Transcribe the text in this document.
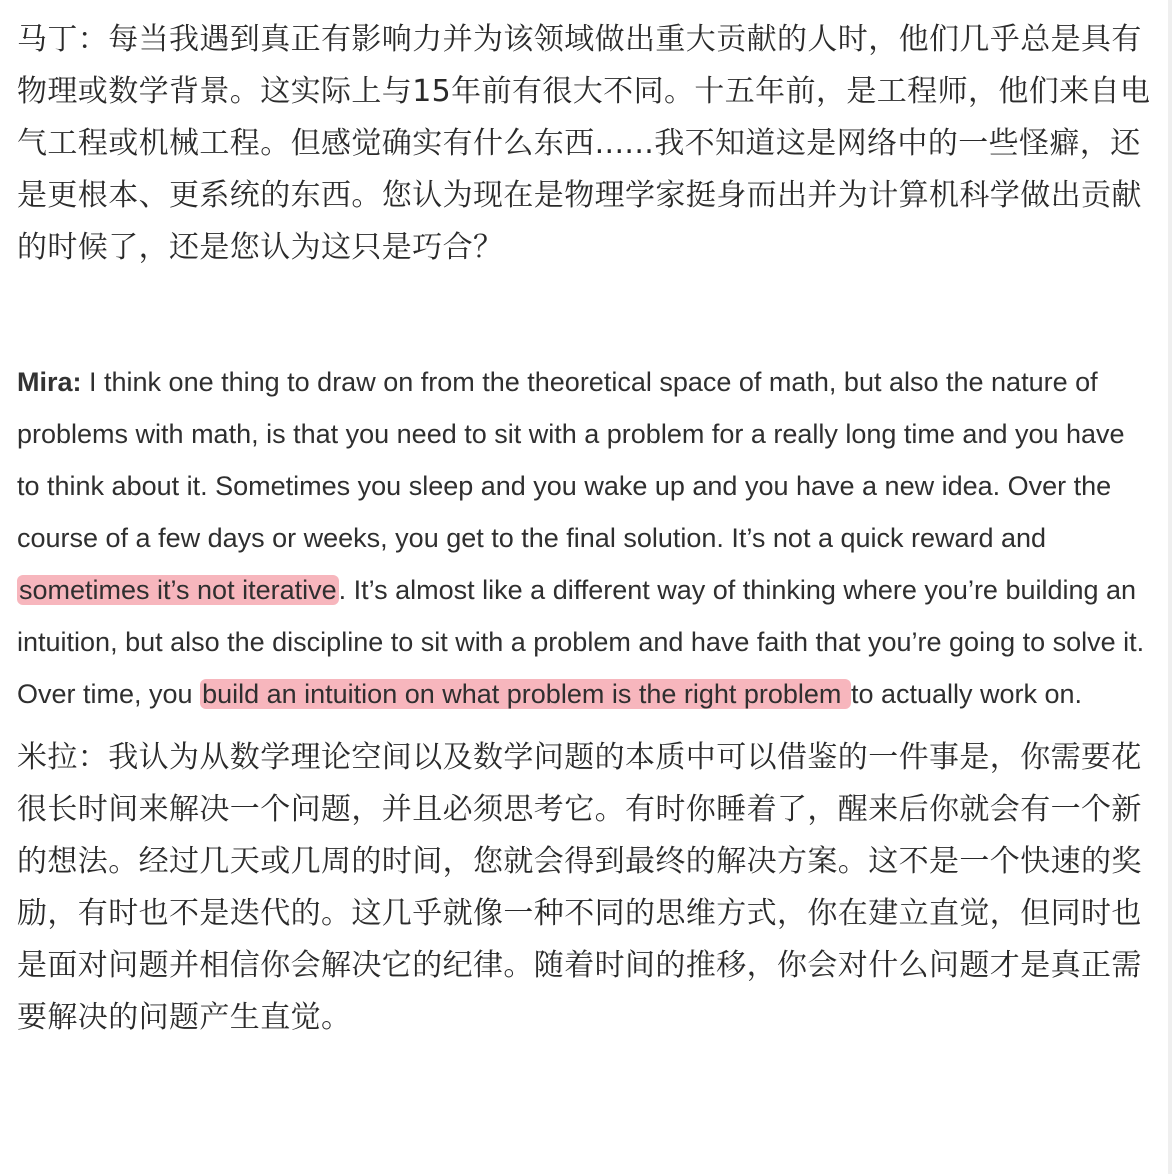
马丁：每当我遇到真正有影响力并为该领域做出重大贡献的人时，他们几乎总是具有物理或数学背景。这实际上与15年前有很大不同。十五年前，是工程师，他们来自电气工程或机械工程。但感觉确实有什么东西......我不知道这是网络中的一些怪癖，还是更根本、更系统的东西。您认为现在是物理学家挺身而出并为计算机科学做出贡献的时候了，还是您认为这只是巧合？

Mira: I think one thing to draw on from the theoretical space of math, but also the nature of problems with math, is that you need to sit with a problem for a really long time and you have to think about it. Sometimes you sleep and you wake up and you have a new idea. Over the course of a few days or weeks, you get to the final solution. It’s not a quick reward and sometimes it’s not iterative. It’s almost like a different way of thinking where you’re building an intuition, but also the discipline to sit with a problem and have faith that you’re going to solve it. Over time, you build an intuition on what problem is the right problem to actually work on.

米拉：我认为从数学理论空间以及数学问题的本质中可以借鉴的一件事是，你需要花很长时间来解决一个问题，并且必须思考它。有时你睡着了，醒来后你就会有一个新的想法。经过几天或几周的时间，您就会得到最终的解决方案。这不是一个快速的奖励，有时也不是迭代的。这几乎就像一种不同的思维方式，你在建立直觉，但同时也是面对问题并相信你会解决它的纪律。随着时间的推移，你会对什么问题才是真正需要解决的问题产生直觉。
